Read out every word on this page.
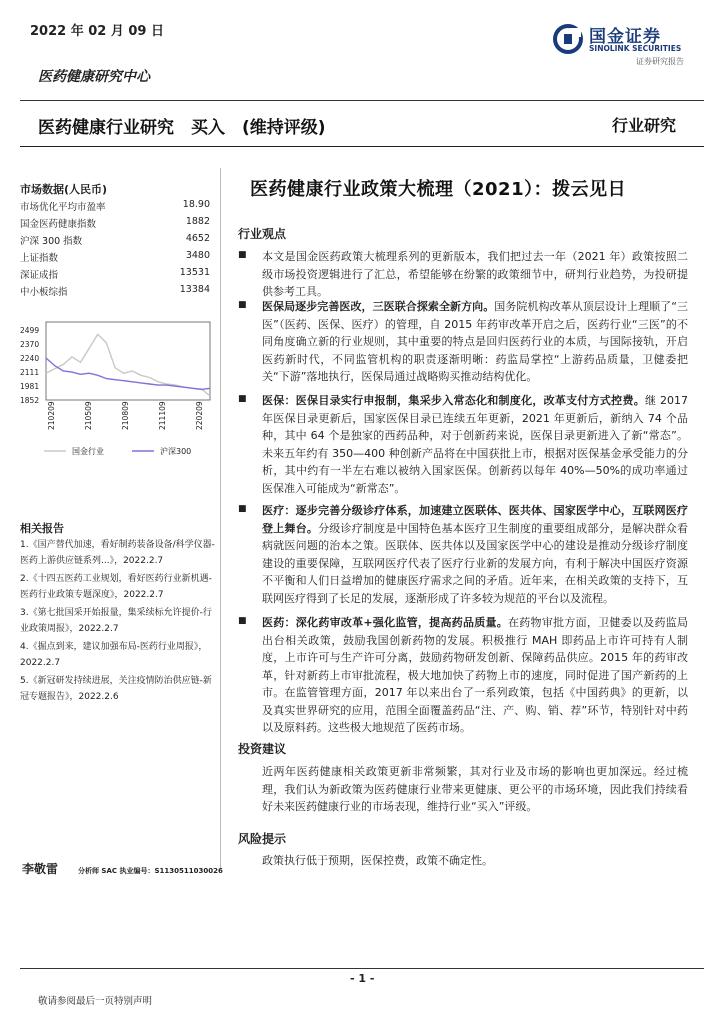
2022 年 02 月 09 日	国金证券
SINOLINK SECURITIES
证券研究报告
医药健康研究中心
医药健康行业研究　买入　(维持评级)	行业研究
市场数据(人民币)
市场优化平均市盈率	18.90
国金医药健康指数	1882
沪深 300 指数	4652
上证指数	3480
深证成指	13531
中小板综指	13384
2499
2370
2240
2111
1981
1852
210209	210509	210809	211109	220209
国金行业	沪深300
相关报告
1.《国产替代加速，看好制药装备设备/科学仪器-医药上游供应链系列...》，2022.2.7
2.《十四五医药工业规划，看好医药行业新机遇-医药行业政策专题深度》，2022.2.7
3.《第七批国采开始报量，集采续标允许提价-行业政策周报》，2022.2.7
4.《掘点到来，建议加强布局-医药行业周报》，2022.2.7
5.《新冠研发持续进展，关注疫情防治供应链-新冠专题报告》，2022.2.6
李敬雷	分析师 SAC 执业编号：S1130511030026
医药健康行业政策大梳理（2021）：拨云见日
行业观点
■	本文是国金医药政策大梳理系列的更新版本，我们把过去一年（2021 年）政策按照二级市场投资逻辑进行了汇总，希望能够在纷繁的政策细节中，研判行业趋势，为投研提供参考工具。
■	医保局逐步完善医改，三医联合探索全新方向。国务院机构改革从顶层设计上理顺了“三医”（医药、医保、医疗）的管理，自 2015 年药审改革开启之后，医药行业“三医”的不同角度确立新的行业规则，其中重要的特点是回归医药行业的本质，与国际接轨，开启医药新时代，不同监管机构的职责逐渐明晰：药监局掌控“上游药品质量，卫健委把关“下游”落地执行，医保局通过战略购买推动结构优化。
■	医保：医保目录实行申报制，集采步入常态化和制度化，改革支付方式控费。继 2017 年医保目录更新后，国家医保目录已连续五年更新，2021 年更新后，新纳入 74 个品种，其中 64 个是独家的西药品种，对于创新药来说，医保目录更新进入了新“常态”。未来五年约有 350—400 种创新产品将在中国获批上市，根据对医保基金承受能力的分析，其中约有一半左右难以被纳入国家医保。创新药以每年 40%—50%的成功率通过医保准入可能成为“新常态”。
■	医疗：逐步完善分级诊疗体系，加速建立医联体、医共体、国家医学中心，互联网医疗登上舞台。分级诊疗制度是中国特色基本医疗卫生制度的重要组成部分，是解决群众看病就医问题的治本之策。医联体、医共体以及国家医学中心的建设是推动分级诊疗制度建设的重要保障，互联网医疗代表了医疗行业新的发展方向，有利于解决中国医疗资源不平衡和人们日益增加的健康医疗需求之间的矛盾。近年来，在相关政策的支持下，互联网医疗得到了长足的发展，逐渐形成了许多较为规范的平台以及流程。
■	医药：深化药审改革+强化监管，提高药品质量。在药物审批方面，卫健委以及药监局出台相关政策，鼓励我国创新药物的发展。积极推行 MAH 即药品上市许可持有人制度，上市许可与生产许可分离，鼓励药物研发创新、保障药品供应。2015 年的药审改革，针对新药上市审批流程，极大地加快了药物上市的速度，同时促进了国产新药的上市。在监管管理方面，2017 年以来出台了一系列政策，包括《中国药典》的更新，以及真实世界研究的应用，范围全面覆盖药品“注、产、购、销、荐”环节，特别针对中药以及原料药。这些极大地规范了医药市场。
投资建议
近两年医药健康相关政策更新非常频繁，其对行业及市场的影响也更加深远。经过梳理，我们认为新政策为医药健康行业带来更健康、更公平的市场环境，因此我们持续看好未来医药健康行业的市场表现，维持行业“买入”评级。
风险提示
政策执行低于预期，医保控费，政策不确定性。
- 1 -
敬请参阅最后一页特别声明
